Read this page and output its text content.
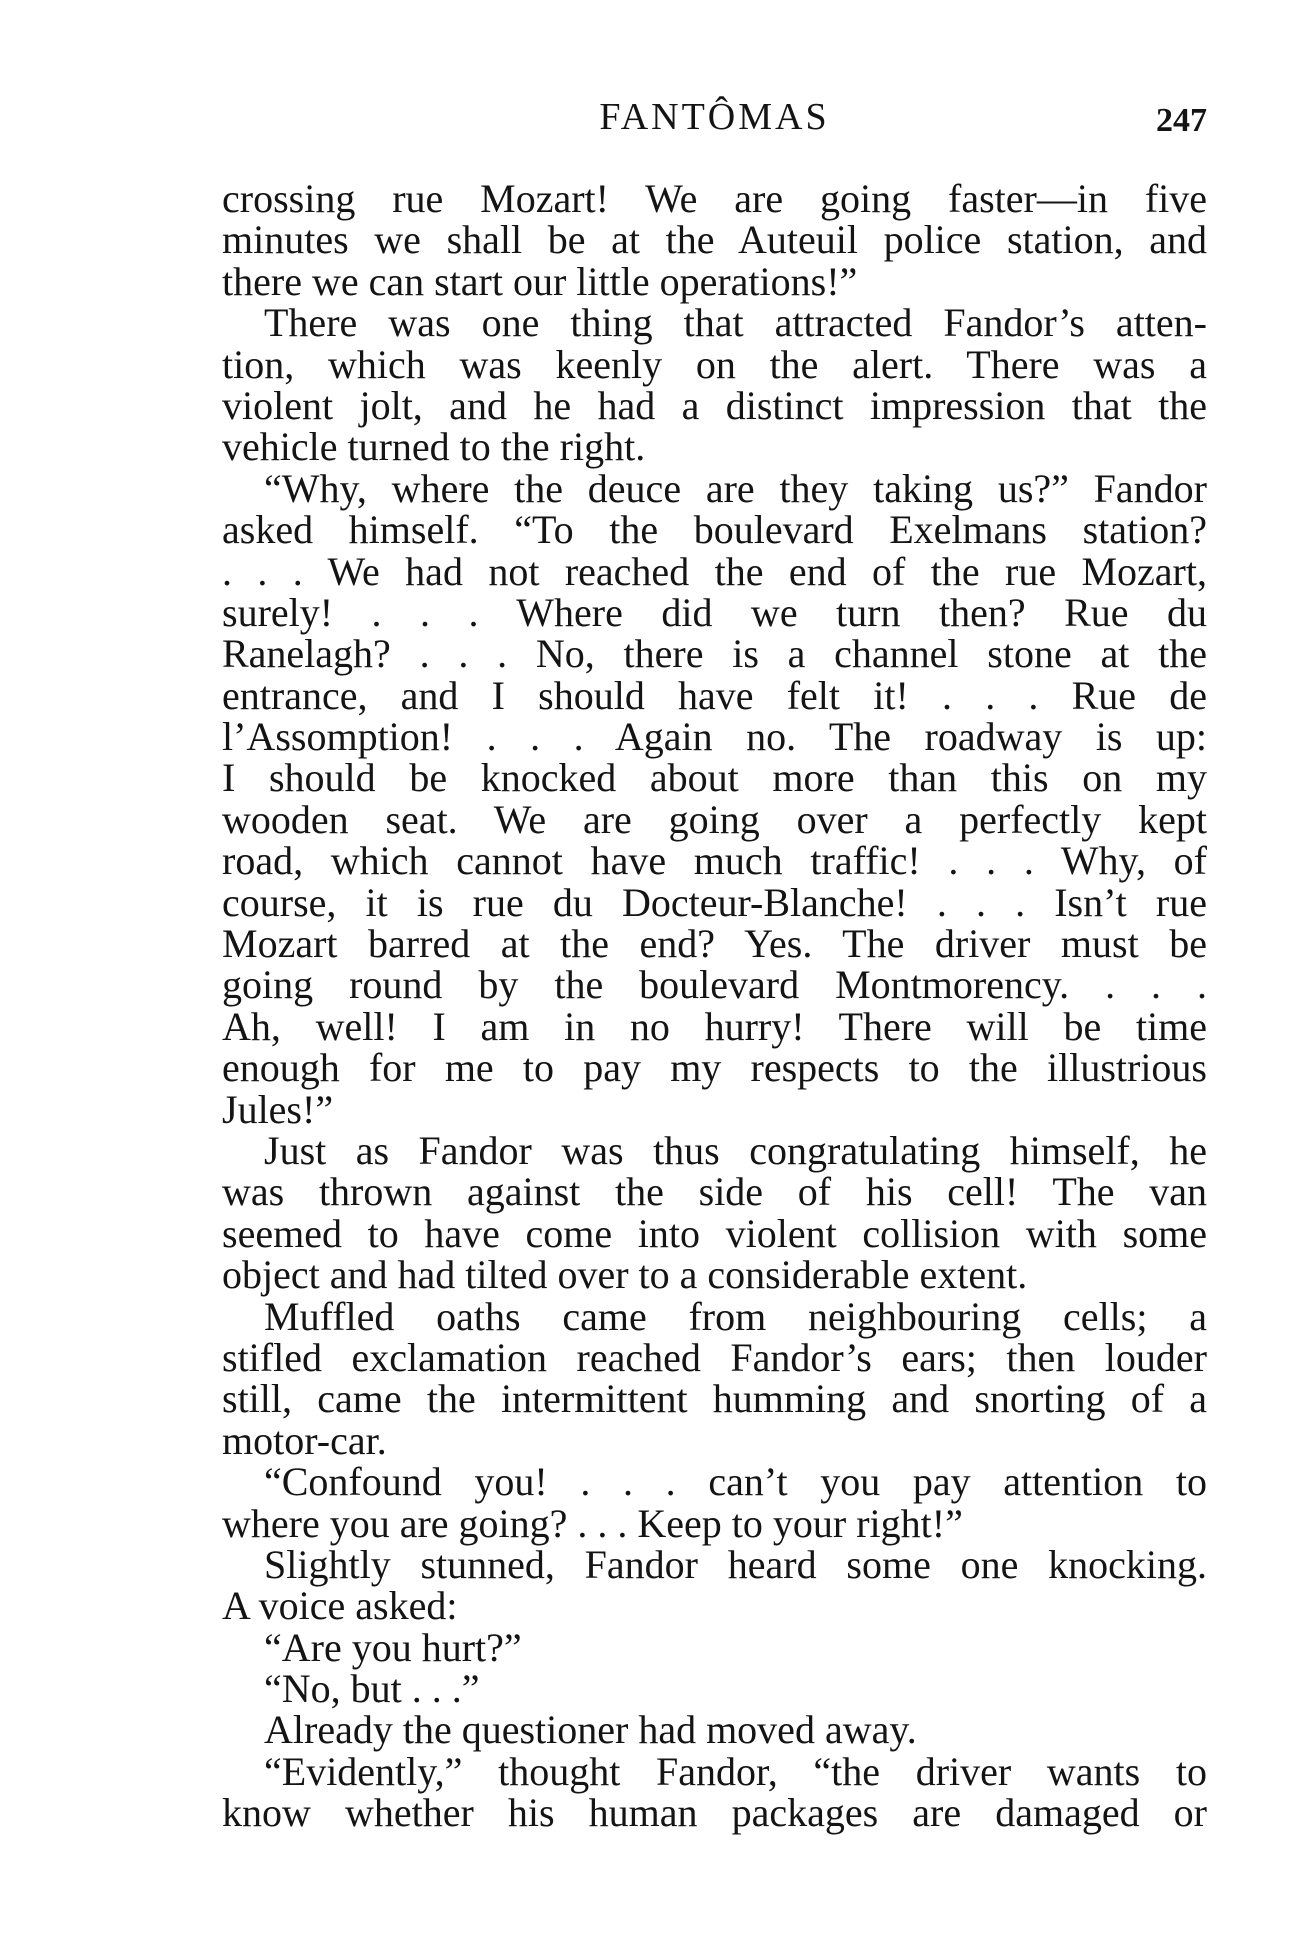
FANTÔMAS	247
crossing rue Mozart! We are going faster—in five
minutes we shall be at the Auteuil police station, and
there we can start our little operations!”
There was one thing that attracted Fandor’s atten-
tion, which was keenly on the alert. There was a
violent jolt, and he had a distinct impression that the
vehicle turned to the right.
“Why, where the deuce are they taking us?” Fandor
asked himself. “To the boulevard Exelmans station?
. . . We had not reached the end of the rue Mozart,
surely! . . . Where did we turn then? Rue du
Ranelagh? . . . No, there is a channel stone at the
entrance, and I should have felt it! . . . Rue de
l’Assomption! . . . Again no. The roadway is up:
I should be knocked about more than this on my
wooden seat. We are going over a perfectly kept
road, which cannot have much traffic! . . . Why, of
course, it is rue du Docteur-Blanche! . . . Isn’t rue
Mozart barred at the end? Yes. The driver must be
going round by the boulevard Montmorency. . . .
Ah, well! I am in no hurry! There will be time
enough for me to pay my respects to the illustrious
Jules!”
Just as Fandor was thus congratulating himself, he
was thrown against the side of his cell! The van
seemed to have come into violent collision with some
object and had tilted over to a considerable extent.
Muffled oaths came from neighbouring cells; a
stifled exclamation reached Fandor’s ears; then louder
still, came the intermittent humming and snorting of a
motor-car.
“Confound you! . . . can’t you pay attention to
where you are going? . . . Keep to your right!”
Slightly stunned, Fandor heard some one knocking.
A voice asked:
“Are you hurt?”
“No, but . . .”
Already the questioner had moved away.
“Evidently,” thought Fandor, “the driver wants to
know whether his human packages are damaged or
